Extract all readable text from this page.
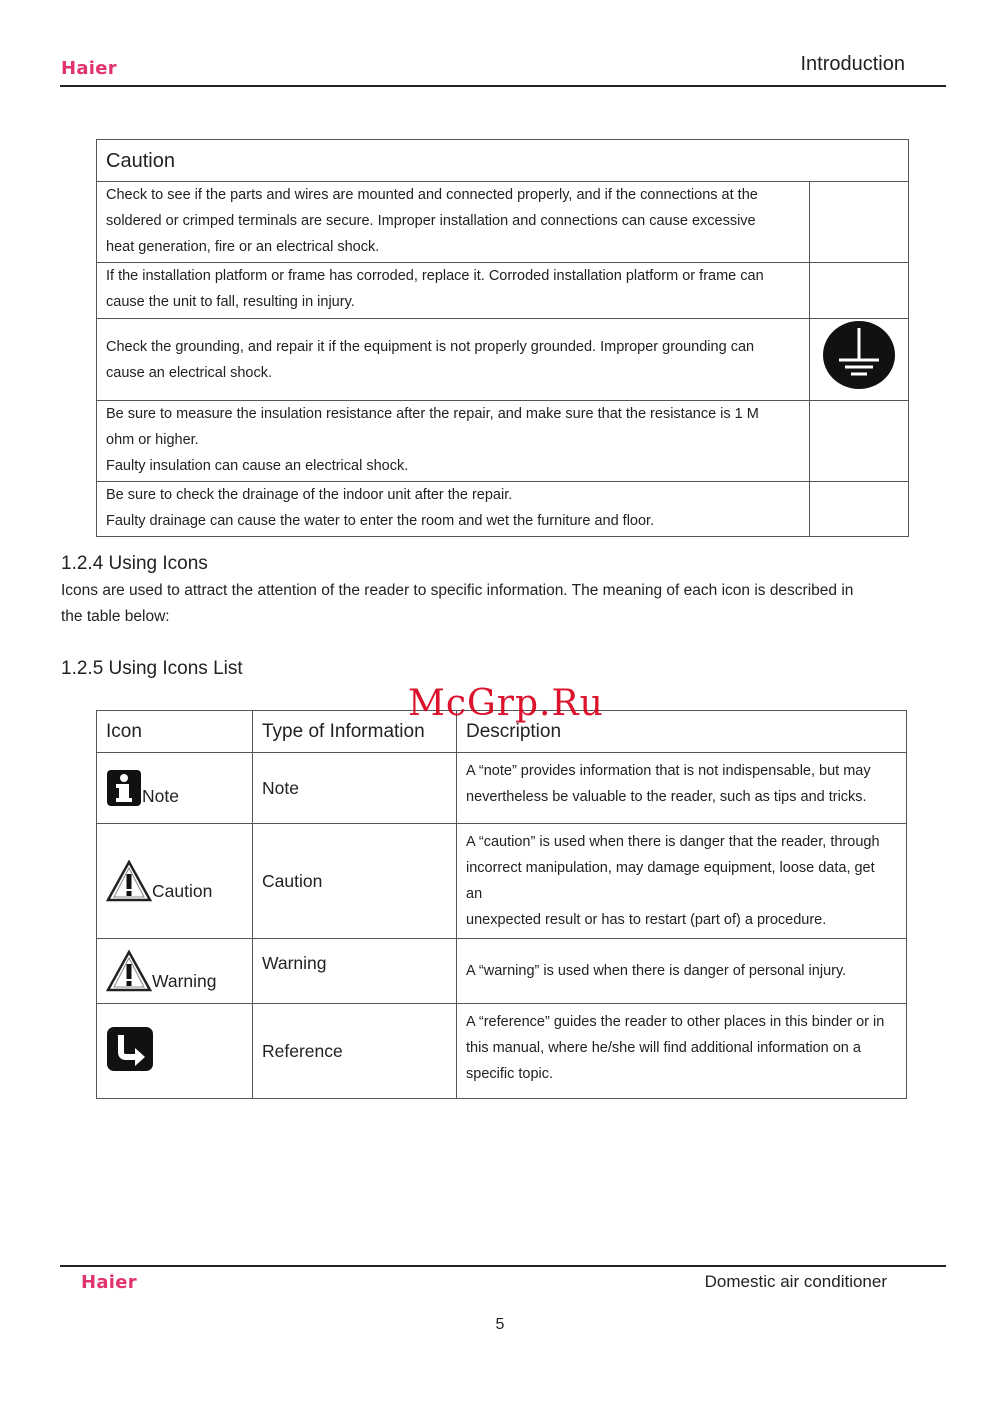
Haier	Introduction
Caution	

Check to see if the parts and wires are mounted and connected properly, and if the connections at the
soldered or crimped terminals are secure. Improper installation and connections can cause excessive
heat generation, fire or an electrical shock.	

If the installation platform or frame has corroded, replace it. Corroded installation platform or frame can
cause the unit to fall, resulting in injury.	

Check the grounding, and repair it if the equipment is not properly grounded. Improper grounding can
cause an electrical shock.

Be sure to measure the insulation resistance after the repair, and make sure that the resistance is 1 M
ohm or higher.
Faulty insulation can cause an electrical shock.	

Be sure to check the drainage of the indoor unit after the repair.
Faulty drainage can cause the water to enter the room and wet the furniture and floor.	

1.2.4 Using Icons
Icons are used to attract the attention of the reader to specific information. The meaning of each icon is described in
the table below:
1.2.5 Using Icons List
Icon	Type of Information	Description
Note	Note	A “note” provides information that is not indispensable, but may
nevertheless be valuable to the reader, such as tips and tricks.

Caution	Caution	A “caution” is used when there is danger that the reader, through
incorrect manipulation, may damage equipment, loose data, get
an
unexpected result or has to restart (part of) a procedure.

Warning	Warning	A “warning” is used when there is danger of personal injury.

	Reference	A “reference” guides the reader to other places in this binder or in
this manual, where he/she will find additional information on a
specific topic.
McGrp.Ru
Haier	Domestic air conditioner
5
